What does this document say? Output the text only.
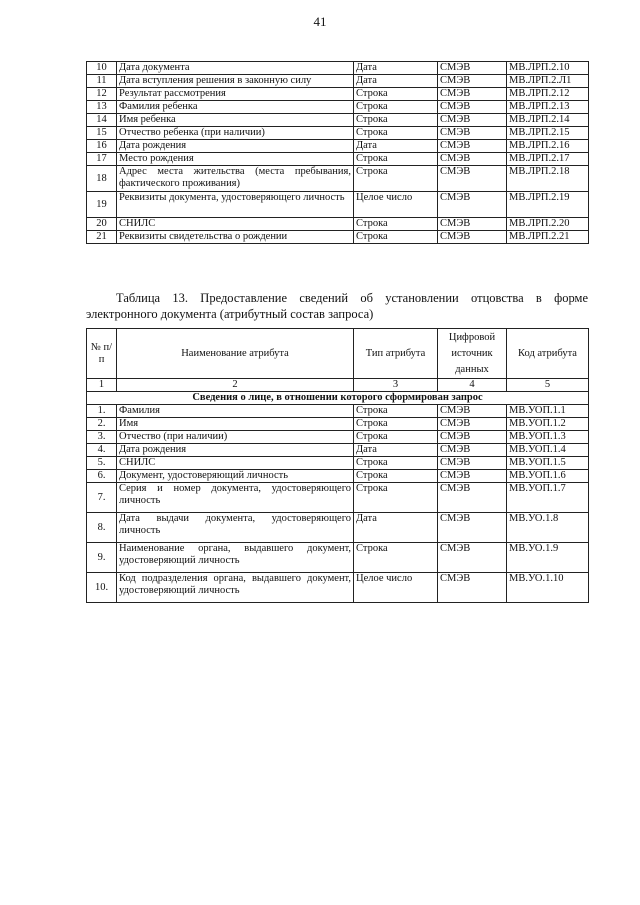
41
10	Дата документа	Дата	СМЭВ	МВ.ЛРП.2.10
11	Дата вступления решения в законную силу	Дата	СМЭВ	МВ.ЛРП.2.Л1
12	Результат рассмотрения	Строка	СМЭВ	МВ.ЛРП.2.12
13	Фамилия ребенка	Строка	СМЭВ	МВ.ЛРП.2.13
14	Имя ребенка	Строка	СМЭВ	МВ.ЛРП.2.14
15	Отчество ребенка (при наличии)	Строка	СМЭВ	МВ.ЛРП.2.15
16	Дата рождения	Дата	СМЭВ	МВ.ЛРП.2.16
17	Место рождения	Строка	СМЭВ	МВ.ЛРП.2.17
18	Адрес места жительства (места пребывания, фактического проживания)	Строка	СМЭВ	МВ.ЛРП.2.18
19	Реквизиты документа, удостоверяющего личность	Целое число	СМЭВ	МВ.ЛРП.2.19
20	СНИЛС	Строка	СМЭВ	МВ.ЛРП.2.20
21	Реквизиты свидетельства о рождении	Строка	СМЭВ	МВ.ЛРП.2.21
Таблица 13. Предоставление сведений об установлении отцовства в форме электронного документа (атрибутный состав запроса)
№ п/п	Наименование атрибута	Тип атрибута	Цифровой источник данных	Код атрибута
1	2	3	4	5
Сведения о лице, в отношении которого сформирован запрос				
1.	Фамилия	Строка	СМЭВ	МВ.УОП.1.1
2.	Имя	Строка	СМЭВ	МВ.УОП.1.2
3.	Отчество (при наличии)	Строка	СМЭВ	МВ.УОП.1.3
4.	Дата рождения	Дата	СМЭВ	МВ.УОП.1.4
5.	СНИЛС	Строка	СМЭВ	МВ.УОП.1.5
6.	Документ, удостоверяющий личность	Строка	СМЭВ	МВ.УОП.1.6
7.	Серия и номер документа, удостоверяющего личность	Строка	СМЭВ	МВ.УОП.1.7
8.	Дата выдачи документа, удостоверяющего личность	Дата	СМЭВ	МВ.УО.1.8
9.	Наименование органа, выдавшего документ, удостоверяющий личность	Строка	СМЭВ	МВ.УО.1.9
10.	Код подразделения органа, выдавшего документ, удостоверяющий личность	Целое число	СМЭВ	МВ.УО.1.10
